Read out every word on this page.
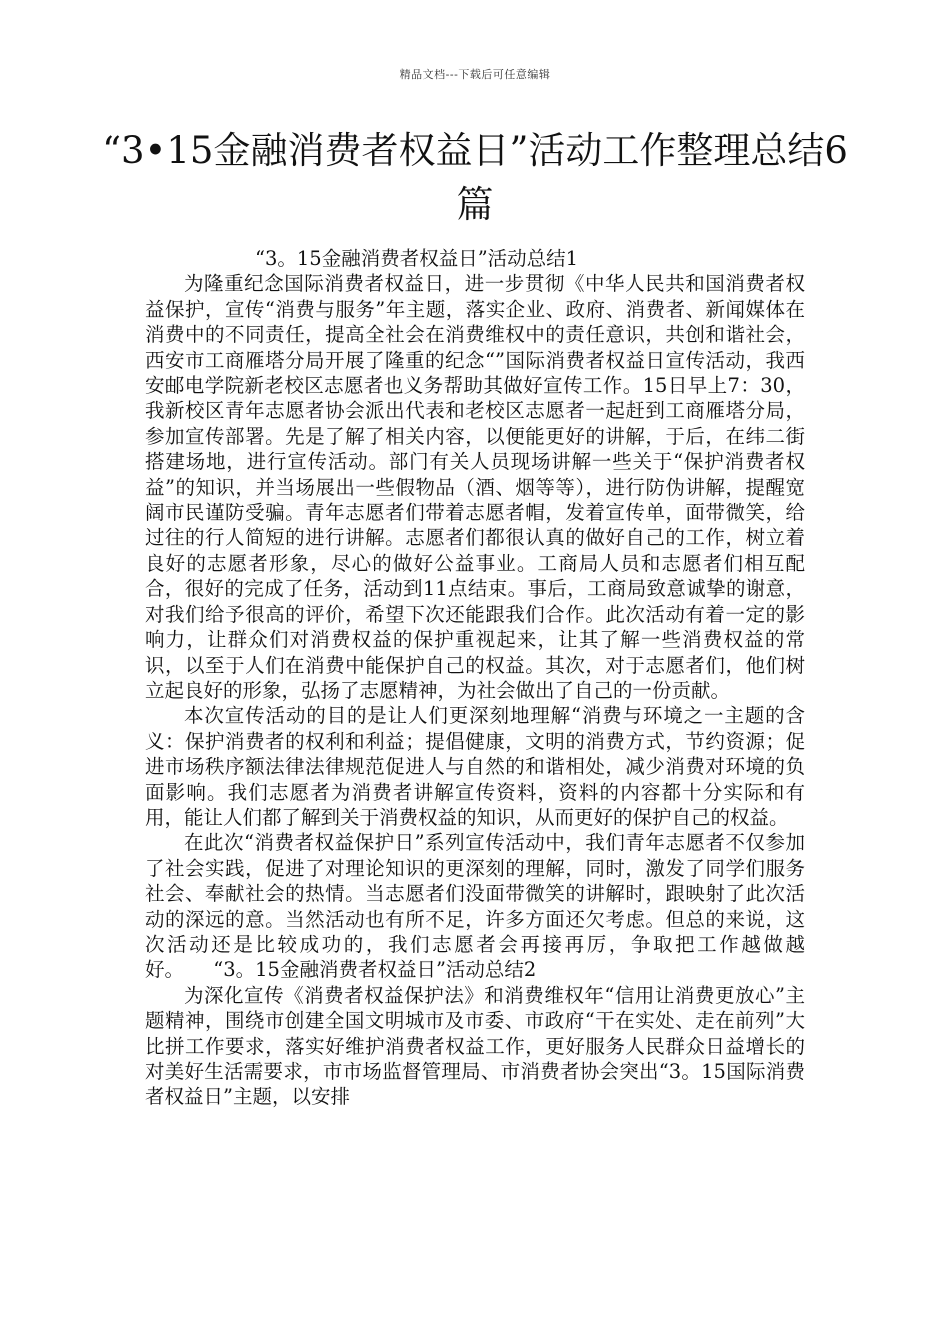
精品文档---下载后可任意编辑
“3•15金融消费者权益日”活动工作整理总结6篇

“3。15金融消费者权益日”活动总结1

为隆重纪念国际消费者权益日，进一步贯彻《中华人民共和国消费者权益保护，宣传“消费与服务”年主题，落实企业、政府、消费者、新闻媒体在消费中的不同责任，提高全社会在消费维权中的责任意识，共创和谐社会，西安市工商雁塔分局开展了隆重的纪念“”国际消费者权益日宣传活动，我西安邮电学院新老校区志愿者也义务帮助其做好宣传工作。15日早上7：30，我新校区青年志愿者协会派出代表和老校区志愿者一起赶到工商雁塔分局，参加宣传部署。先是了解了相关内容，以便能更好的讲解，于后，在纬二街搭建场地，进行宣传活动。部门有关人员现场讲解一些关于“保护消费者权益”的知识，并当场展出一些假物品（酒、烟等等），进行防伪讲解，提醒宽阔市民谨防受骗。青年志愿者们带着志愿者帽，发着宣传单，面带微笑，给过往的行人简短的进行讲解。志愿者们都很认真的做好自己的工作，树立着良好的志愿者形象，尽心的做好公益事业。工商局人员和志愿者们相互配合，很好的完成了任务，活动到11点结束。事后，工商局致意诚挚的谢意，对我们给予很高的评价，希望下次还能跟我们合作。此次活动有着一定的影响力，让群众们对消费权益的保护重视起来，让其了解一些消费权益的常识，以至于人们在消费中能保护自己的权益。其次，对于志愿者们，他们树立起良好的形象，弘扬了志愿精神，为社会做出了自己的一份贡献。

本次宣传活动的目的是让人们更深刻地理解“消费与环境之一主题的含义：保护消费者的权利和利益；提倡健康，文明的消费方式，节约资源；促进市场秩序额法律法律规范促进人与自然的和谐相处，减少消费对环境的负面影响。我们志愿者为消费者讲解宣传资料，资料的内容都十分实际和有用，能让人们都了解到关于消费权益的知识，从而更好的保护自己的权益。

在此次“消费者权益保护日”系列宣传活动中，我们青年志愿者不仅参加了社会实践，促进了对理论知识的更深刻的理解，同时，激发了同学们服务社会、奉献社会的热情。当志愿者们没面带微笑的讲解时，跟映射了此次活动的深远的意。当然活动也有所不足，许多方面还欠考虑。但总的来说，这次活动还是比较成功的，我们志愿者会再接再厉，争取把工作越做越好。　　“3。15金融消费者权益日”活动总结2

为深化宣传《消费者权益保护法》和消费维权年“信用让消费更放心”主题精神，围绕市创建全国文明城市及市委、市政府“干在实处、走在前列”大比拼工作要求，落实好维护消费者权益工作，更好服务人民群众日益增长的对美好生活需要求，市市场监督管理局、市消费者协会突出“3。15国际消费者权益日”主题，以安排
